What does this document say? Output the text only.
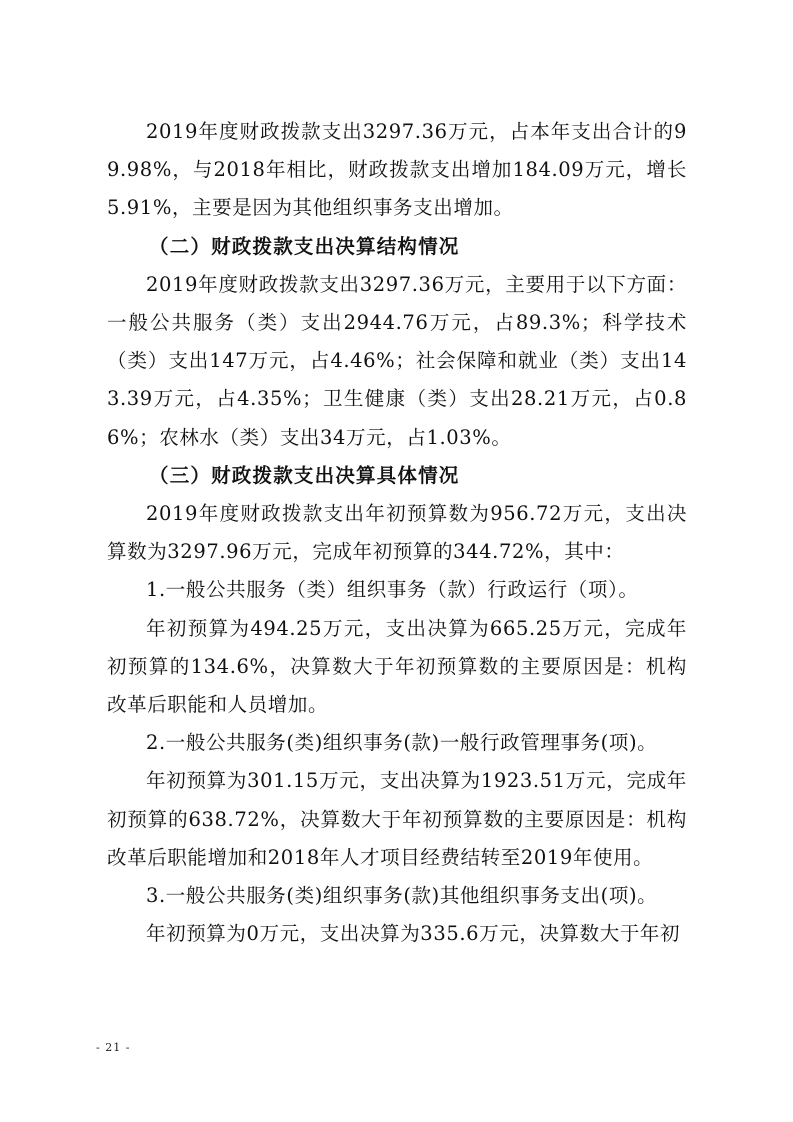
2019年度财政拨款支出3297.36万元，占本年支出合计的99.98%，与2018年相比，财政拨款支出增加184.09万元，增长5.91%，主要是因为其他组织事务支出增加。

（二）财政拨款支出决算结构情况

2019年度财政拨款支出3297.36万元，主要用于以下方面：一般公共服务（类）支出2944.76万元，占89.3%；科学技术（类）支出147万元，占4.46%；社会保障和就业（类）支出143.39万元，占4.35%；卫生健康（类）支出28.21万元，占0.86%；农林水（类）支出34万元，占1.03%。

（三）财政拨款支出决算具体情况

2019年度财政拨款支出年初预算数为956.72万元，支出决算数为3297.96万元，完成年初预算的344.72%，其中：

1.一般公共服务（类）组织事务（款）行政运行（项）。

年初预算为494.25万元，支出决算为665.25万元，完成年初预算的134.6%，决算数大于年初预算数的主要原因是：机构改革后职能和人员增加。

2.一般公共服务(类)组织事务(款)一般行政管理事务(项)。

年初预算为301.15万元，支出决算为1923.51万元，完成年初预算的638.72%，决算数大于年初预算数的主要原因是：机构改革后职能增加和2018年人才项目经费结转至2019年使用。

3.一般公共服务(类)组织事务(款)其他组织事务支出(项)。

年初预算为0万元，支出决算为335.6万元，决算数大于年初

- 21 -
